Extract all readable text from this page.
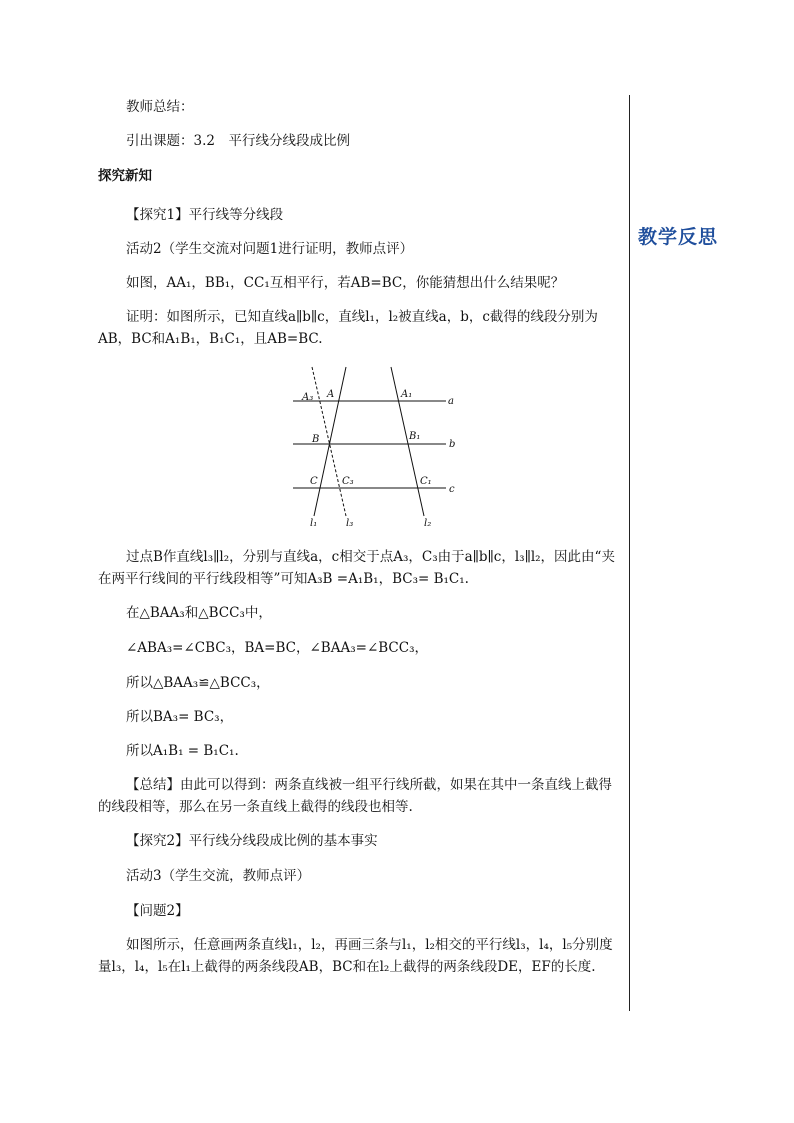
教学反思
教师总结：
引出课题：3.2　平行线分线段成比例
探究新知
【探究1】平行线等分线段
活动2（学生交流对问题1进行证明，教师点评）
如图，AA₁，BB₁，CC₁互相平行，若AB=BC，你能猜想出什么结果呢？
证明：如图所示，已知直线a∥b∥c，直线l₁，l₂被直线a，b，c截得的线段分别为AB，BC和A₁B₁，B₁C₁，且AB=BC.
A₃ A	A₁
a
B	B₁
b
C C₃	C₁
c
l₁	l₃	l₂
过点B作直线l₃∥l₂，分别与直线a，c相交于点A₃，C₃由于a∥b∥c，l₃∥l₂，因此由“夹在两平行线间的平行线段相等”可知A₃B =A₁B₁，BC₃= B₁C₁.
在△BAA₃和△BCC₃中，
∠ABA₃=∠CBC₃，BA=BC，∠BAA₃=∠BCC₃，
所以△BAA₃≌△BCC₃，
所以BA₃= BC₃，
所以A₁B₁ = B₁C₁.
【总结】由此可以得到：两条直线被一组平行线所截，如果在其中一条直线上截得的线段相等，那么在另一条直线上截得的线段也相等.
【探究2】平行线分线段成比例的基本事实
活动3（学生交流，教师点评）
【问题2】
如图所示，任意画两条直线l₁，l₂，再画三条与l₁，l₂相交的平行线l₃，l₄，l₅分别度量l₃，l₄，l₅在l₁上截得的两条线段AB，BC和在l₂上截得的两条线段DE，EF的长度.
